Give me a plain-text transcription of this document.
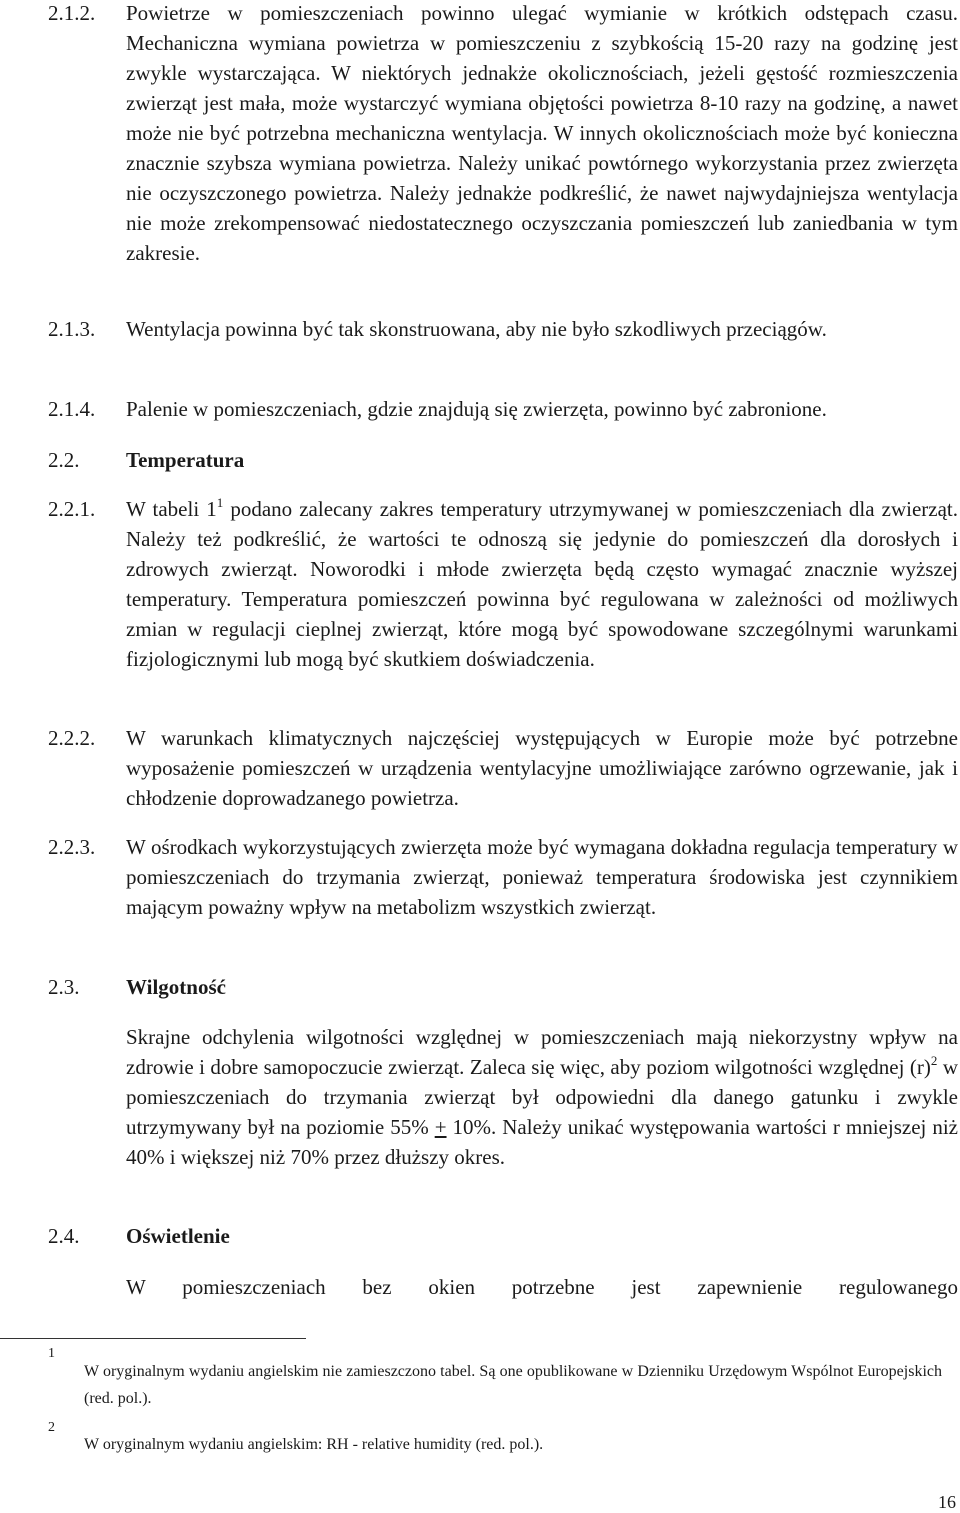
2.1.2. Powietrze w pomieszczeniach powinno ulegać wymianie w krótkich odstępach czasu. Mechaniczna wymiana powietrza w pomieszczeniu z szybkością 15-20 razy na godzinę jest zwykle wystarczająca. W niektórych jednakże okolicznościach, jeżeli gęstość rozmieszczenia zwierząt jest mała, może wystarczyć wymiana objętości powietrza 8-10 razy na godzinę, a nawet może nie być potrzebna mechaniczna wentylacja. W innych okolicznościach może być konieczna znacznie szybsza wymiana powietrza. Należy unikać powtórnego wykorzystania przez zwierzęta nie oczyszczonego powietrza. Należy jednakże podkreślić, że nawet najwydajniejsza wentylacja nie może zrekompensować niedostatecznego oczyszczania pomieszczeń lub zaniedbania w tym zakresie.

2.1.3. Wentylacja powinna być tak skonstruowana, aby nie było szkodliwych przeciągów.

2.1.4. Palenie w pomieszczeniach, gdzie znajdują się zwierzęta, powinno być zabronione.

2.2. Temperatura
2.2.1. W tabeli $1^1$ podano zalecany zakres temperatury utrzymywanej w pomieszczeniach dla zwierząt. Należy też podkreślić, że wartości te odnoszą się jedynie do pomieszczeń dla dorosłych i zdrowych zwierząt. Noworodki i młode zwierzęta będą często wymagać znacznie wyższej temperatury. Temperatura pomieszczeń powinna być regulowana w zależności od możliwych zmian w regulacji cieplnej zwierząt, które mogą być spowodowane szczególnymi warunkami fizjologicznymi lub mogą być skutkiem doświadczenia.

2.2.2. W warunkach klimatycznych najczęściej występujących w Europie może być potrzebne wyposażenie pomieszczeń w urządzenia wentylacyjne umożliwiające zarówno ogrzewanie, jak i chłodzenie doprowadzanego powietrza.

2.2.3. W ośrodkach wykorzystujących zwierzęta może być wymagana dokładna regulacja temperatury w pomieszczeniach do trzymania zwierząt, ponieważ temperatura środowiska jest czynnikiem mającym poważny wpływ na metabolizm wszystkich zwierząt.

2.3. Wilgotność

Skrajne odchylenia wilgotności względnej w pomieszczeniach mają niekorzystny wpływ na zdrowie i dobre samopoczucie zwierząt. Zaleca się więc, aby poziom wilgotności względnej $(r)^2$ w pomieszczeniach do trzymania zwierząt był odpowiedni dla danego gatunku i zwykle utrzymywany był na poziomie 55% + 10%. Należy unikać występowania wartości r mniejszej niż 40% i większej niż 70% przez dłuższy okres.

2.4. Oświetlenie

W pomieszczeniach bez okien potrzebne jest zapewnienie regulowanego

1
W oryginalnym wydaniu angielskim nie zamieszczono tabel. Są one opublikowane w Dzienniku Urzędowym Wspólnot Europejskich (red. pol.).
2
W oryginalnym wydaniu angielskim: RH - relative humidity (red. pol.).
16
